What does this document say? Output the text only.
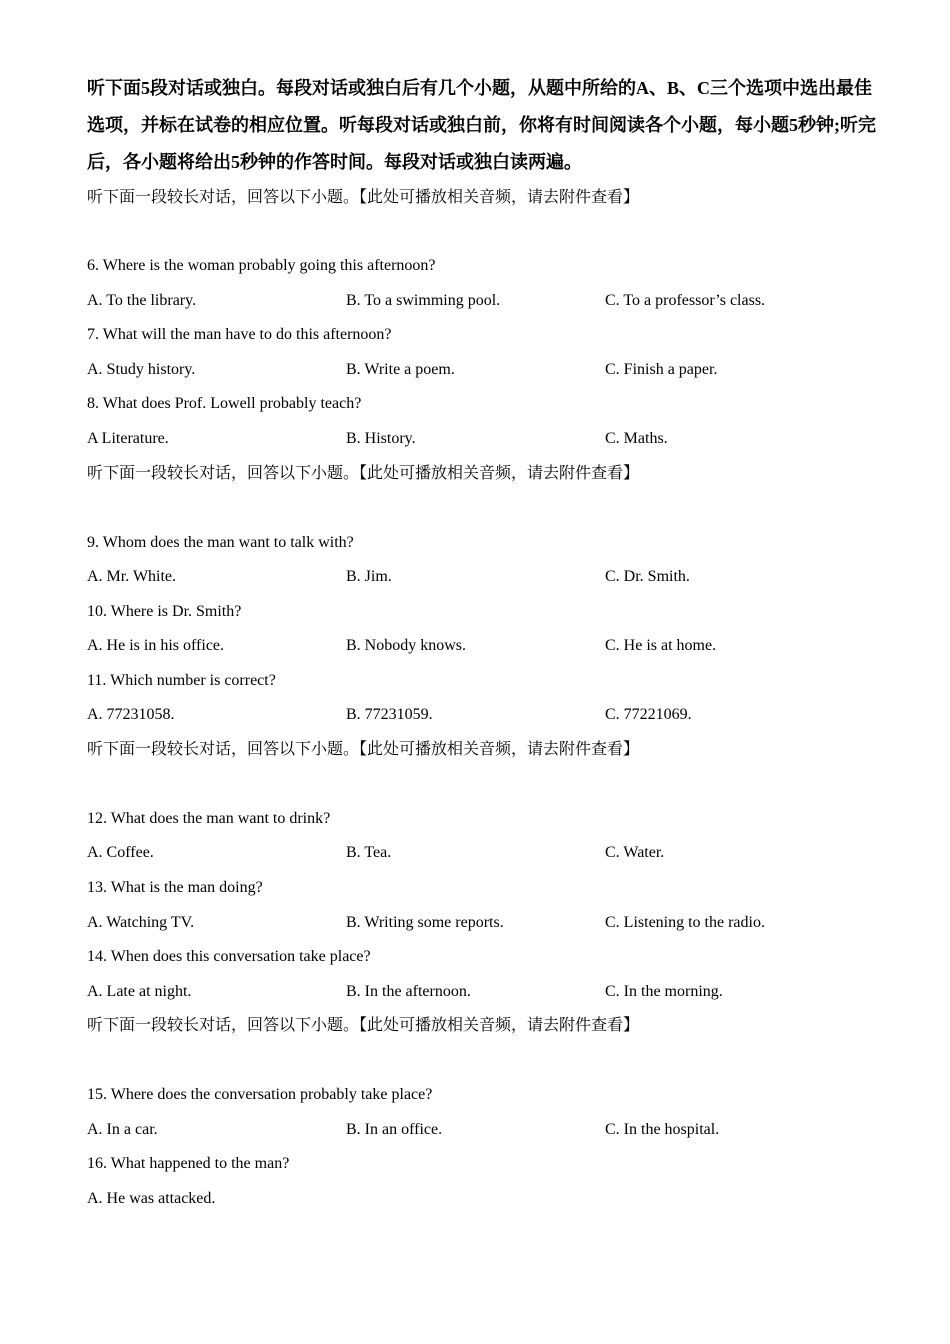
听下面5段对话或独白。每段对话或独白后有几个小题，从题中所给的A、B、C三个选项中选出最佳选项，并标在试卷的相应位置。听每段对话或独白前，你将有时间阅读各个小题，每小题5秒钟;听完后，各小题将给出5秒钟的作答时间。每段对话或独白读两遍。

听下面一段较长对话，回答以下小题。【此处可播放相关音频，请去附件查看】

6. Where is the woman probably going this afternoon?

A. To the library.	B. To a swimming pool.	C. To a professor’s class.

7. What will the man have to do this afternoon?

A. Study history.	B. Write a poem.	C. Finish a paper.

8. What does Prof. Lowell probably teach?

A Literature.	B. History.	C. Maths.

听下面一段较长对话，回答以下小题。【此处可播放相关音频，请去附件查看】

9. Whom does the man want to talk with?

A. Mr. White.	B. Jim.	C. Dr. Smith.

10. Where is Dr. Smith?

A. He is in his office.	B. Nobody knows.	C. He is at home.

11. Which number is correct?

A. 77231058.	B. 77231059.	C. 77221069.

听下面一段较长对话，回答以下小题。【此处可播放相关音频，请去附件查看】

12. What does the man want to drink?

A. Coffee.	B. Tea.	C. Water.

13. What is the man doing?

A. Watching TV.	B. Writing some reports.	C. Listening to the radio.

14. When does this conversation take place?

A. Late at night.	B. In the afternoon.	C. In the morning.

听下面一段较长对话，回答以下小题。【此处可播放相关音频，请去附件查看】

15. Where does the conversation probably take place?

A. In a car.	B. In an office.	C. In the hospital.

16. What happened to the man?

A. He was attacked.
